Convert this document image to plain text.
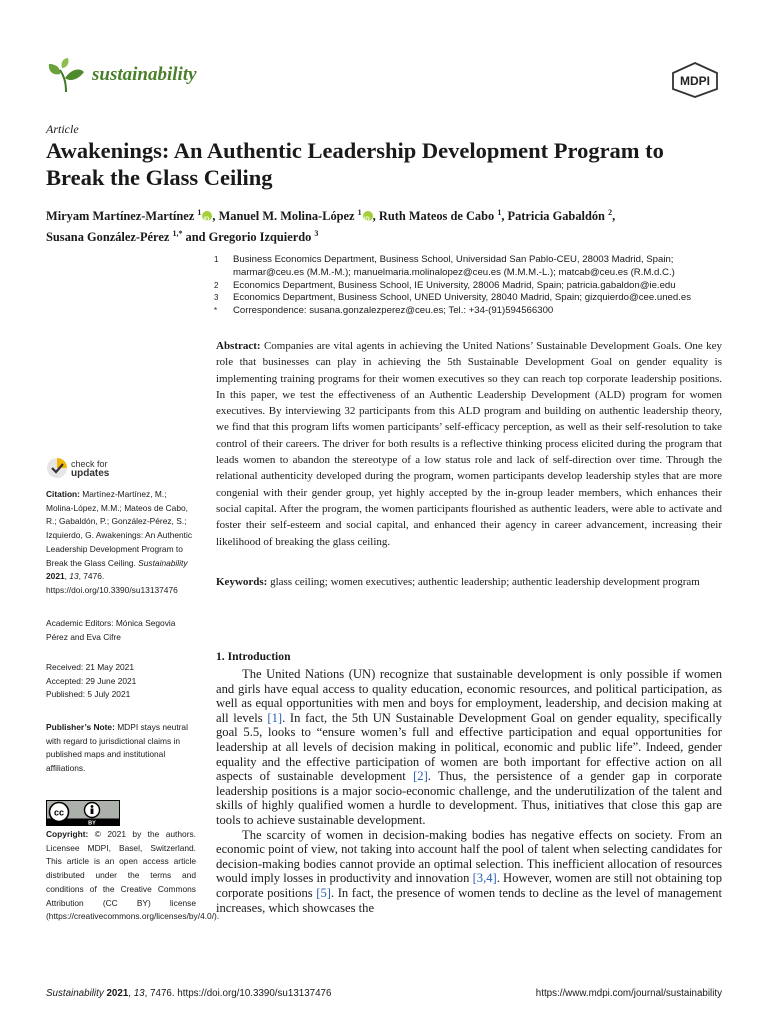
sustainability	MDPI
Article
Awakenings: An Authentic Leadership Development Program to Break the Glass Ceiling
Miryam Martínez-Martínez $^1$ iD , Manuel M. Molina-López $^1$ iD , Ruth Mateos de Cabo $^1$, Patricia Gabaldón $^2$,
Susana González-Pérez $^{1,*}$ and Gregorio Izquierdo $^3$
1	Business Economics Department, Business School, Universidad San Pablo-CEU, 28003 Madrid, Spain; marmar@ceu.es (M.M.-M.); manuelmaria.molinalopez@ceu.es (M.M.M.-L.); matcab@ceu.es (R.M.d.C.)
2	Economics Department, Business School, IE University, 28006 Madrid, Spain; patricia.gabaldon@ie.edu
3	Economics Department, Business School, UNED University, 28040 Madrid, Spain; gizquierdo@cee.uned.es
*	Correspondence: susana.gonzalezperez@ceu.es; Tel.: +34-(91)594566300
Abstract: Companies are vital agents in achieving the United Nations’ Sustainable Development Goals. One key role that businesses can play in achieving the 5th Sustainable Development Goal on gender equality is implementing training programs for their women executives so they can reach top corporate leadership positions. In this paper, we test the effectiveness of an Authentic Leadership Development (ALD) program for women executives. By interviewing 32 participants from this ALD program and building on authentic leadership theory, we find that this program lifts women participants’ self-efficacy perception, as well as their self-resolution to take control of their careers. The driver for both results is a reflective thinking process elicited during the program that leads women to abandon the stereotype of a low status role and lack of self-direction over time. Through the relational authenticity developed during the program, women participants develop leadership styles that are more congenial with their gender group, yet highly accepted by the in-group leader members, which enhances their social capital. After the program, the women participants flourished as authentic leaders, were able to activate and foster their self-esteem and social capital, and enhanced their agency in career advancement, increasing their likelihood of breaking the glass ceiling.
Keywords: glass ceiling; women executives; authentic leadership; authentic leadership development program
check for
updates
Citation: Martínez-Martínez, M.; Molina-López, M.M.; Mateos de Cabo, R.; Gabaldón, P.; González-Pérez, S.; Izquierdo, G. Awakenings: An Authentic Leadership Development Program to Break the Glass Ceiling. Sustainability 2021, 13, 7476. https://doi.org/10.3390/su13137476
Academic Editors: Mónica Segovia Pérez and Eva Cifre
Received: 21 May 2021
Accepted: 29 June 2021
Published: 5 July 2021
Publisher’s Note: MDPI stays neutral with regard to jurisdictional claims in published maps and institutional affiliations.
cc
BY
Copyright: © 2021 by the authors. Licensee MDPI, Basel, Switzerland. This article is an open access article distributed under the terms and conditions of the Creative Commons Attribution (CC BY) license (https://creativecommons.org/licenses/by/4.0/).
1. Introduction

The United Nations (UN) recognize that sustainable development is only possible if women and girls have equal access to quality education, economic resources, and political participation, as well as equal opportunities with men and boys for employment, leadership, and decision making at all levels [1]. In fact, the 5th UN Sustainable Development Goal on gender equality, specifically goal 5.5, looks to “ensure women’s full and effective participation and equal opportunities for leadership at all levels of decision making in political, economic and public life”. Indeed, gender equality and the effective participation of women are both important for effective action on all aspects of sustainable development [2]. Thus, the persistence of a gender gap in corporate leadership positions is a major socio-economic challenge, and the underutilization of the talent and skills of highly qualified women a hurdle to development. Thus, initiatives that close this gap are tools to achieve sustainable development.

The scarcity of women in decision-making bodies has negative effects on society. From an economic point of view, not taking into account half the pool of talent when selecting candidates for decision-making bodies cannot provide an optimal selection. This inefficient allocation of resources would imply losses in productivity and innovation [3,4]. However, women are still not obtaining top corporate positions [5]. In fact, the presence of women tends to decline as the level of management increases, which showcases the

Sustainability 2021, 13, 7476. https://doi.org/10.3390/su13137476	https://www.mdpi.com/journal/sustainability
